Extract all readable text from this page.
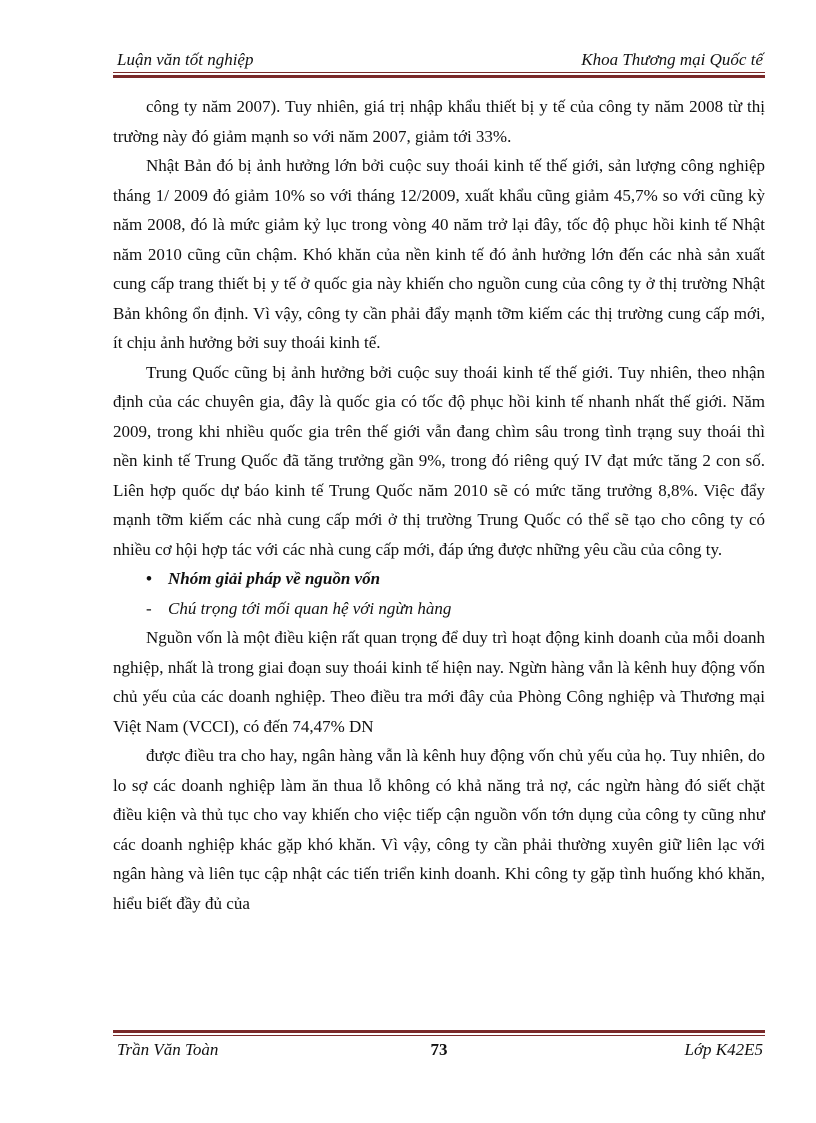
Luận văn tốt nghiệp	Khoa Thương mại Quốc tế

công ty năm 2007). Tuy nhiên, giá trị nhập khẩu thiết bị y tế của công ty năm 2008 từ thị trường này đó giảm mạnh so với năm 2007, giảm tới 33%.

Nhật Bản đó bị ảnh hưởng lớn bởi cuộc suy thoái kinh tế thế giới, sản lượng công nghiệp tháng 1/ 2009 đó giảm 10% so với tháng 12/2009, xuất khẩu cũng giảm 45,7% so với cũng kỳ năm 2008, đó là mức giảm kỷ lục trong vòng 40 năm trở lại đây, tốc độ phục hồi kinh tế Nhật năm 2010 cũng cũn chậm. Khó khăn của nền kinh tế đó ảnh hưởng lớn đến các nhà sản xuất cung cấp trang thiết bị y tế ở quốc gia này khiến cho nguồn cung của công ty ở thị trường Nhật Bản không ổn định. Vì vậy, công ty cần phải đẩy mạnh tỡm kiếm các thị trường cung cấp mới, ít chịu ảnh hưởng bởi suy thoái kinh tế.

Trung Quốc cũng bị ảnh hưởng bởi cuộc suy thoái kinh tế thế giới. Tuy nhiên, theo nhận định của các chuyên gia, đây là quốc gia có tốc độ phục hồi kinh tế nhanh nhất thế giới. Năm 2009, trong khi nhiều quốc gia trên thế giới vẫn đang chìm sâu trong tình trạng suy thoái thì nền kinh tế Trung Quốc đã tăng trưởng gần 9%, trong đó riêng quý IV đạt mức tăng 2 con số. Liên hợp quốc dự báo kinh tế Trung Quốc năm 2010 sẽ có mức tăng trưởng 8,8%. Việc đẩy mạnh tỡm kiếm các nhà cung cấp mới ở thị trường Trung Quốc có thể sẽ tạo cho công ty có nhiều cơ hội hợp tác với các nhà cung cấp mới, đáp ứng được những yêu cầu của công ty.

• Nhóm giải pháp về nguồn vốn
- Chú trọng tới mối quan hệ với ngừn hàng

Nguồn vốn là một điều kiện rất quan trọng để duy trì hoạt động kinh doanh của mỗi doanh nghiệp, nhất là trong giai đoạn suy thoái kinh tế hiện nay. Ngừn hàng vẫn là kênh huy động vốn chủ yếu của các doanh nghiệp. Theo điều tra mới đây của Phòng Công nghiệp và Thương mại Việt Nam (VCCI), có đến 74,47% DN

được điều tra cho hay, ngân hàng vẫn là kênh huy động vốn chủ yếu của họ. Tuy nhiên, do lo sợ các doanh nghiệp làm ăn thua lỗ không có khả năng trả nợ, các ngừn hàng đó siết chặt điều kiện và thủ tục cho vay khiến cho việc tiếp cận nguồn vốn tớn dụng của công ty cũng như các doanh nghiệp khác gặp khó khăn. Vì vậy, công ty cần phải thường xuyên giữ liên lạc với ngân hàng và liên tục cập nhật các tiến triển kinh doanh. Khi công ty gặp tình huống khó khăn, hiểu biết đầy đủ của

Trần Văn Toàn	73	Lớp K42E5
